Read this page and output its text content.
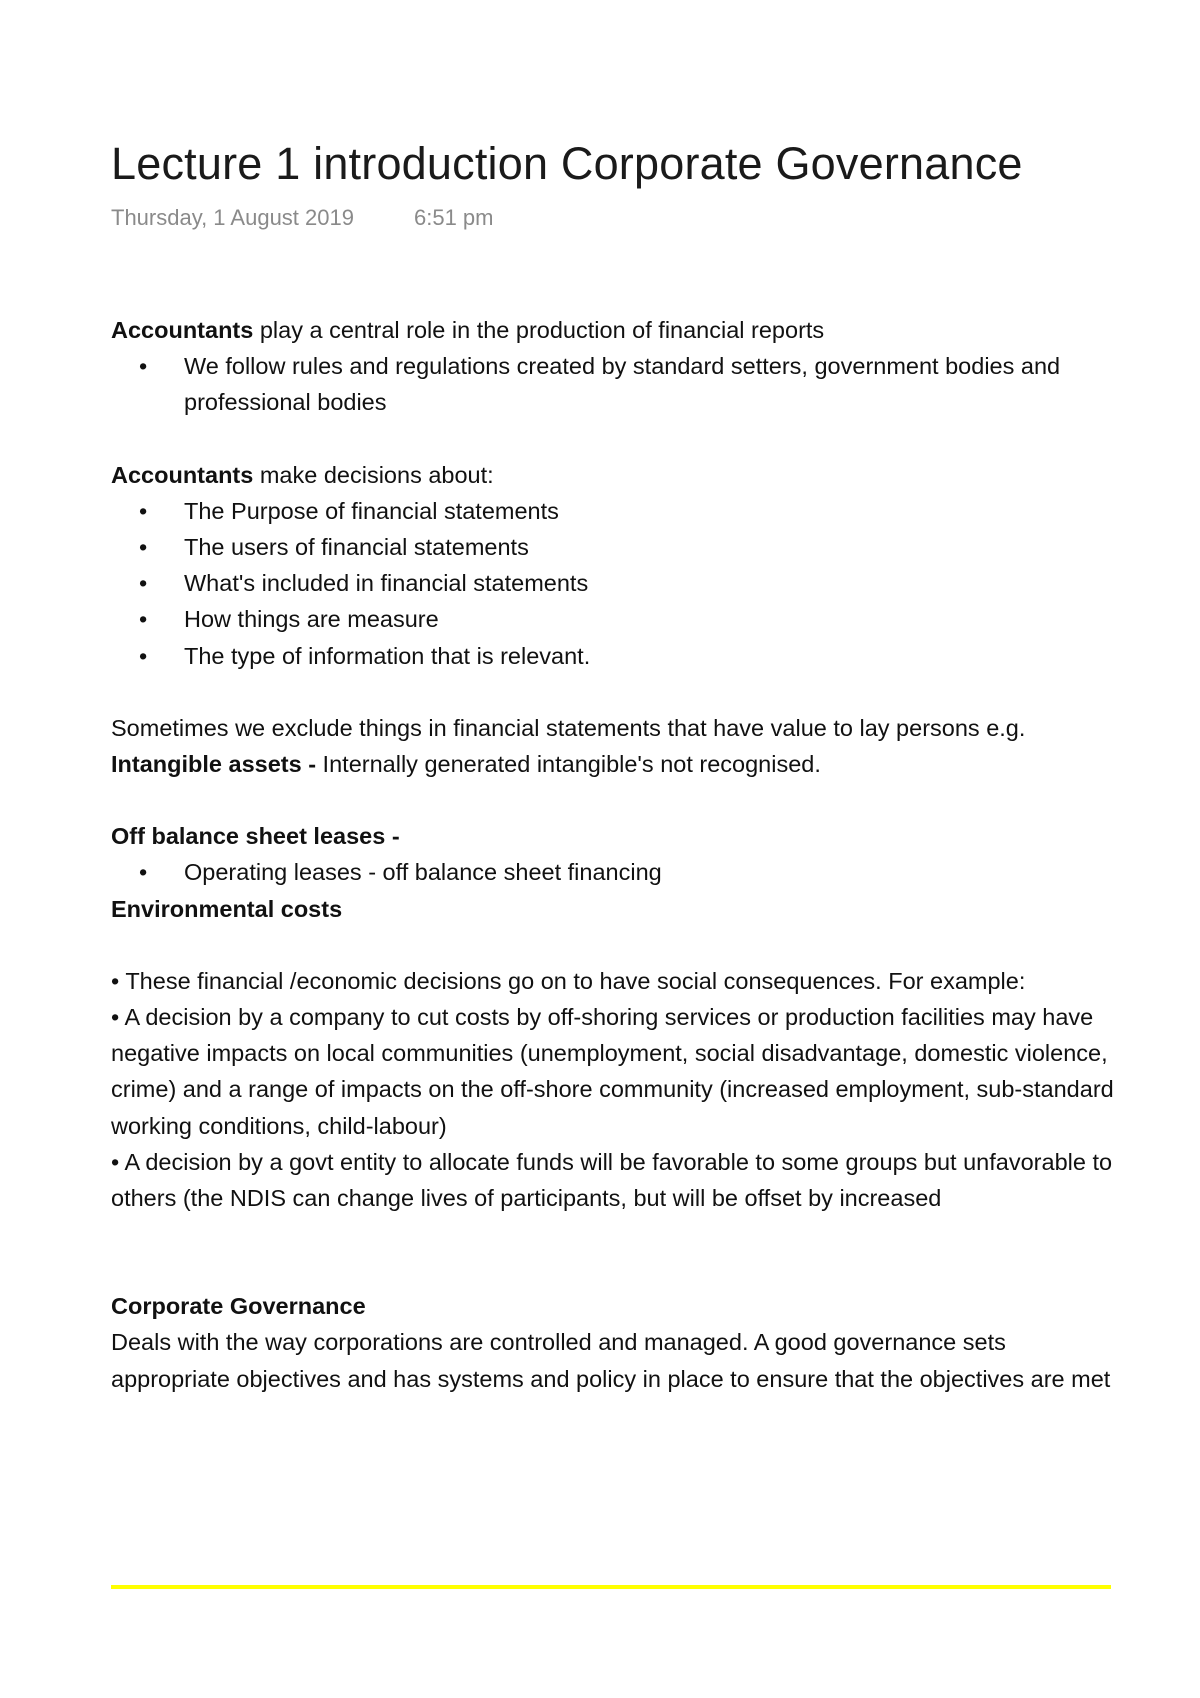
Lecture 1 introduction Corporate Governance
Thursday, 1 August 2019	6:51 pm

Accountants play a central role in the production of financial reports

• We follow rules and regulations created by standard setters, government bodies and professional bodies

Accountants make decisions about:

• The Purpose of financial statements
• The users of financial statements
• What's included in financial statements
• How things are measure
• The type of information that is relevant.

Sometimes we exclude things in financial statements that have value to lay persons e.g.

Intangible assets - Internally generated intangible's not recognised.

Off balance sheet leases -

• Operating leases - off balance sheet financing

Environmental costs

• These financial /economic decisions go on to have social consequences. For example:

• A decision by a company to cut costs by off-shoring services or production facilities may have negative impacts on local communities (unemployment, social disadvantage, domestic violence, crime) and a range of impacts on the off-shore community (increased employment, sub-standard working conditions, child-labour)

• A decision by a govt entity to allocate funds will be favorable to some groups but unfavorable to others (the NDIS can change lives of participants, but will be offset by increased

Corporate Governance

Deals with the way corporations are controlled and managed. A good governance sets appropriate objectives and has systems and policy in place to ensure that the objectives are met
